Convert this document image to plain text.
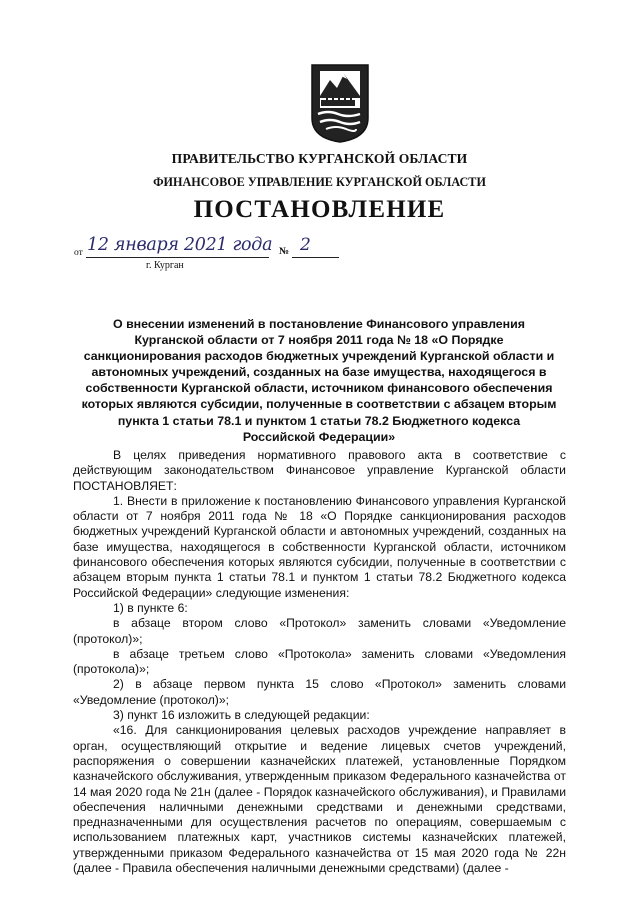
ПРАВИТЕЛЬСТВО КУРГАНСКОЙ ОБЛАСТИ
ФИНАНСОВОЕ УПРАВЛЕНИЕ КУРГАНСКОЙ ОБЛАСТИ
ПОСТАНОВЛЕНИЕ
от 12 января 2021 года № 2
г. Курган
О внесении изменений в постановление Финансового управления Курганской области от 7 ноября 2011 года № 18 «О Порядке санкционирования расходов бюджетных учреждений Курганской области и автономных учреждений, созданных на базе имущества, находящегося в собственности Курганской области, источником финансового обеспечения которых являются субсидии, полученные в соответствии с абзацем вторым пункта 1 статьи 78.1 и пунктом 1 статьи 78.2 Бюджетного кодекса Российской Федерации»

В целях приведения нормативного правового акта в соответствие с действующим законодательством Финансовое управление Курганской области ПОСТАНОВЛЯЕТ:

1. Внести в приложение к постановлению Финансового управления Курганской области от 7 ноября 2011 года № 18 «О Порядке санкционирования расходов бюджетных учреждений Курганской области и автономных учреждений, созданных на базе имущества, находящегося в собственности Курганской области, источником финансового обеспечения которых являются субсидии, полученные в соответствии с абзацем вторым пункта 1 статьи 78.1 и пунктом 1 статьи 78.2 Бюджетного кодекса Российской Федерации» следующие изменения:

1) в пункте 6:

в абзаце втором слово «Протокол» заменить словами «Уведомление (протокол)»;

в абзаце третьем слово «Протокола» заменить словами «Уведомления (протокола)»;

2) в абзаце первом пункта 15 слово «Протокол» заменить словами «Уведомление (протокол)»;

3) пункт 16 изложить в следующей редакции:

«16. Для санкционирования целевых расходов учреждение направляет в орган, осуществляющий открытие и ведение лицевых счетов учреждений, распоряжения о совершении казначейских платежей, установленные Порядком казначейского обслуживания, утвержденным приказом Федерального казначейства от 14 мая 2020 года № 21н (далее - Порядок казначейского обслуживания), и Правилами обеспечения наличными денежными средствами и денежными средствами, предназначенными для осуществления расчетов по операциям, совершаемым с использованием платежных карт, участников системы казначейских платежей, утвержденными приказом Федерального казначейства от 15 мая 2020 года № 22н (далее - Правила обеспечения наличными денежными средствами) (далее -
